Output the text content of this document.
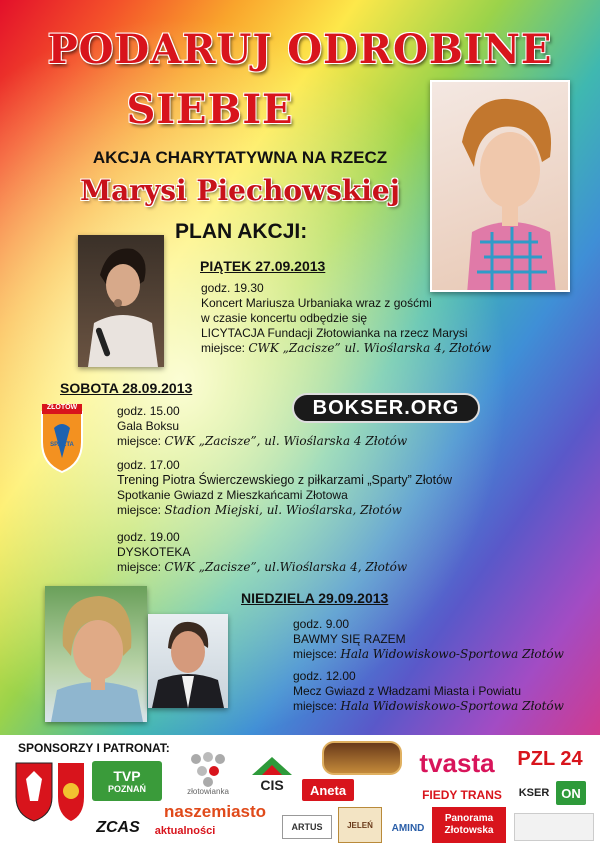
PODARUJ ODROBINE
SIEBIE
AKCJA CHARYTATYWNA NA RZECZ
Marysi Piechowskiej
PLAN AKCJI:
PIĄTEK 27.09.2013
godz. 19.30
Koncert Mariusza Urbaniaka wraz z gośćmi
w czasie koncertu odbędzie się
LICYTACJA Fundacji Złotowianka na rzecz Marysi
miejsce: CWK „Zacisze” ul. Wioślarska 4, Złotów
SOBOTA 28.09.2013
BOKSER.ORG
ZŁOTÓW
SPARTA
godz. 15.00
Gala Boksu
miejsce: CWK „Zacisze”, ul. Wioślarska 4 Złotów
godz. 17.00
Trening Piotra Świerczewskiego z piłkarzami „Sparty” Złotów
Spotkanie Gwiazd z Mieszkańcami Złotowa
miejsce: Stadion Miejski, ul. Wioślarska, Złotów
godz. 19.00
DYSKOTEKA
miejsce: CWK „Zacisze”, ul.Wioślarska 4, Złotów
NIEDZIELA 29.09.2013
godz. 9.00
BAWMY SIĘ RAZEM
miejsce: Hala Widowiskowo-Sportowa Złotów
godz. 12.00
Mecz Gwiazd z Władzami Miasta i Powiatu
miejsce: Hala Widowiskowo-Sportowa Złotów
SPONSORZY I PATRONAT:
TVP
POZNAŃ	złotowianka CIS Aneta
tvasta PZL 24
naszemiasto
FIEDY TRANS KSER ON
ZCAS aktualności	ARTUS	JELEŃ AMIND
Panorama Złotowska
